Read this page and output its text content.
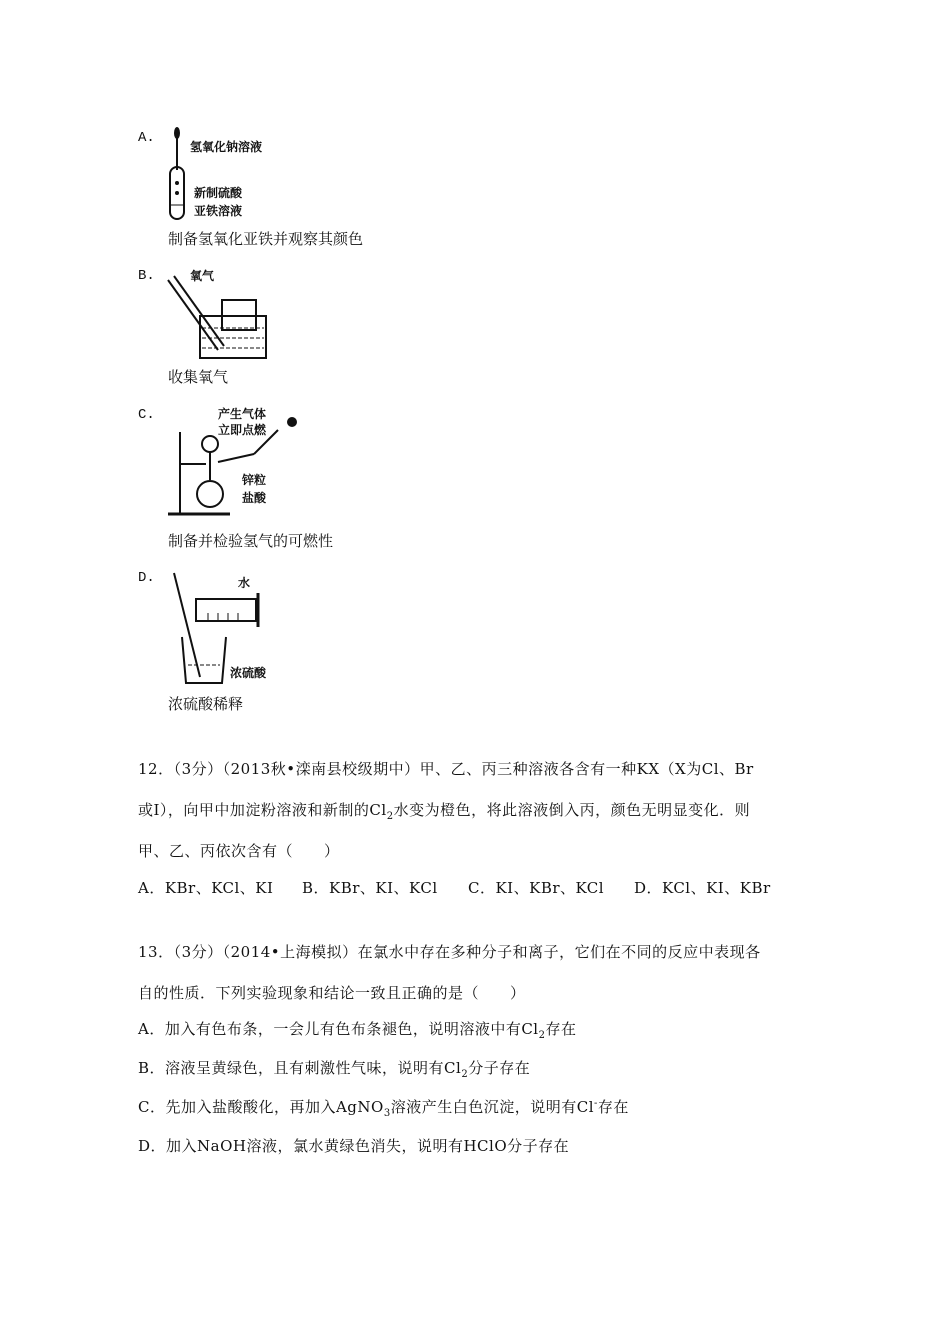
A.
氢氧化钠溶液
新制硫酸
亚铁溶液
制备氢氧化亚铁并观察其颜色
B.	氧气
收集氧气
C.	产生气体
立即点燃
锌粒
盐酸
制备并检验氢气的可燃性
D.	水
浓硫酸
浓硫酸稀释
12．（3分）（2013秋•滦南县校级期中）甲、乙、丙三种溶液各含有一种KX（X为Cl、Br
或I），向甲中加淀粉溶液和新制的$Cl_2$水变为橙色，将此溶液倒入丙，颜色无明显变化．则
甲、乙、丙依次含有（　　）
A．KBr、KCl、KI B．KBr、KI、KCl C．KI、KBr、KCl D．KCl、KI、KBr
13．（3分）（2014•上海模拟）在氯水中存在多种分子和离子，它们在不同的反应中表现各
自的性质．下列实验现象和结论一致且正确的是（　　）
A．加入有色布条，一会儿有色布条褪色，说明溶液中有$Cl_2$存在
B．溶液呈黄绿色，且有刺激性气味，说明有$Cl_2$分子存在
C．先加入盐酸酸化，再加入AgNO$_3$溶液产生白色沉淀，说明有Cl-存在
D．加入NaOH溶液，氯水黄绿色消失，说明有HClO分子存在
